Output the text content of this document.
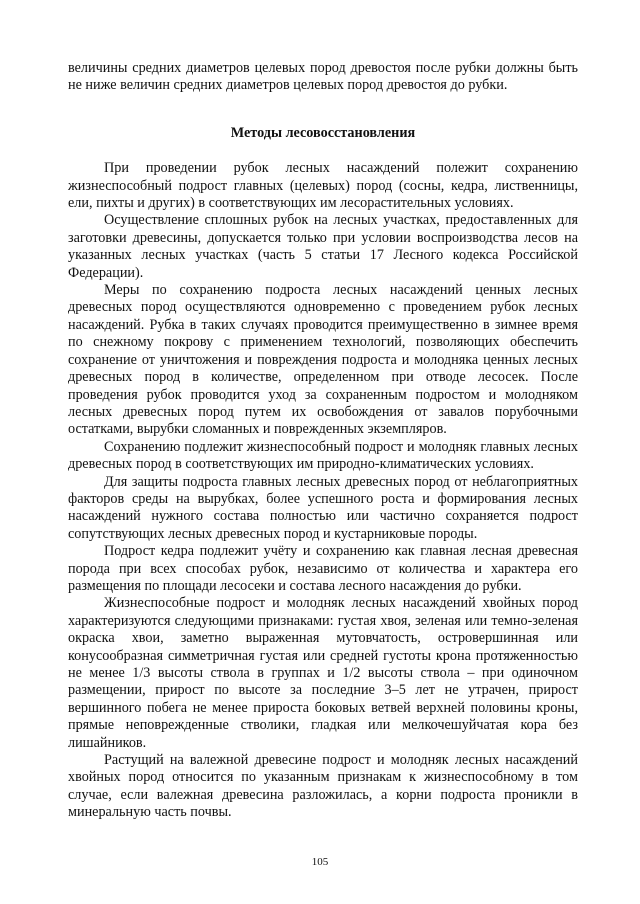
величины средних диаметров целевых пород древостоя после рубки должны быть не ниже величин средних диаметров целевых пород древостоя до рубки.

Методы лесовосстановления

При проведении рубок лесных насаждений полежит сохранению жизнеспособный подрост главных (целевых) пород (сосны, кедра, лиственницы, ели, пихты и других) в соответствующих им лесорастительных условиях.

Осуществление сплошных рубок на лесных участках, предоставленных для заготовки древесины, допускается только при условии воспроизводства лесов на указанных лесных участках (часть 5 статьи 17 Лесного кодекса Российской Федерации).

Меры по сохранению подроста лесных насаждений ценных лесных древесных пород осуществляются одновременно с проведением рубок лесных насаждений. Рубка в таких случаях проводится преимущественно в зимнее время по снежному покрову с применением технологий, позволяющих обеспечить сохранение от уничтожения и повреждения подроста и молодняка ценных лесных древесных пород в количестве, определенном при отводе лесосек. После проведения рубок проводится уход за сохраненным подростом и молодняком лесных древесных пород путем их освобождения от завалов порубочными остатками, вырубки сломанных и поврежденных экземпляров.

Сохранению подлежит жизнеспособный подрост и молодняк главных лесных древесных пород в соответствующих им природно-климатических условиях.

Для защиты подроста главных лесных древесных пород от неблагоприятных факторов среды на вырубках, более успешного роста и формирования лесных насаждений нужного состава полностью или частично сохраняется подрост сопутствующих лесных древесных пород и кустарниковые породы.

Подрост кедра подлежит учёту и сохранению как главная лесная древесная порода при всех способах рубок, независимо от количества и характера его размещения по площади лесосеки и состава лесного насаждения до рубки.

Жизнеспособные подрост и молодняк лесных насаждений хвойных пород характеризуются следующими признаками: густая хвоя, зеленая или темно-зеленая окраска хвои, заметно выраженная мутовчатость, островершинная или конусообразная симметричная густая или средней густоты крона протяженностью не менее 1/3 высоты ствола в группах и 1/2 высоты ствола – при одиночном размещении, прирост по высоте за последние 3–5 лет не утрачен, прирост вершинного побега не менее прироста боковых ветвей верхней половины кроны, прямые неповрежденные стволики, гладкая или мелкочешуйчатая кора без лишайников.

Растущий на валежной древесине подрост и молодняк лесных насаждений хвойных пород относится по указанным признакам к жизнеспособному в том случае, если валежная древесина разложилась, а корни подроста проникли в минеральную часть почвы.

105
